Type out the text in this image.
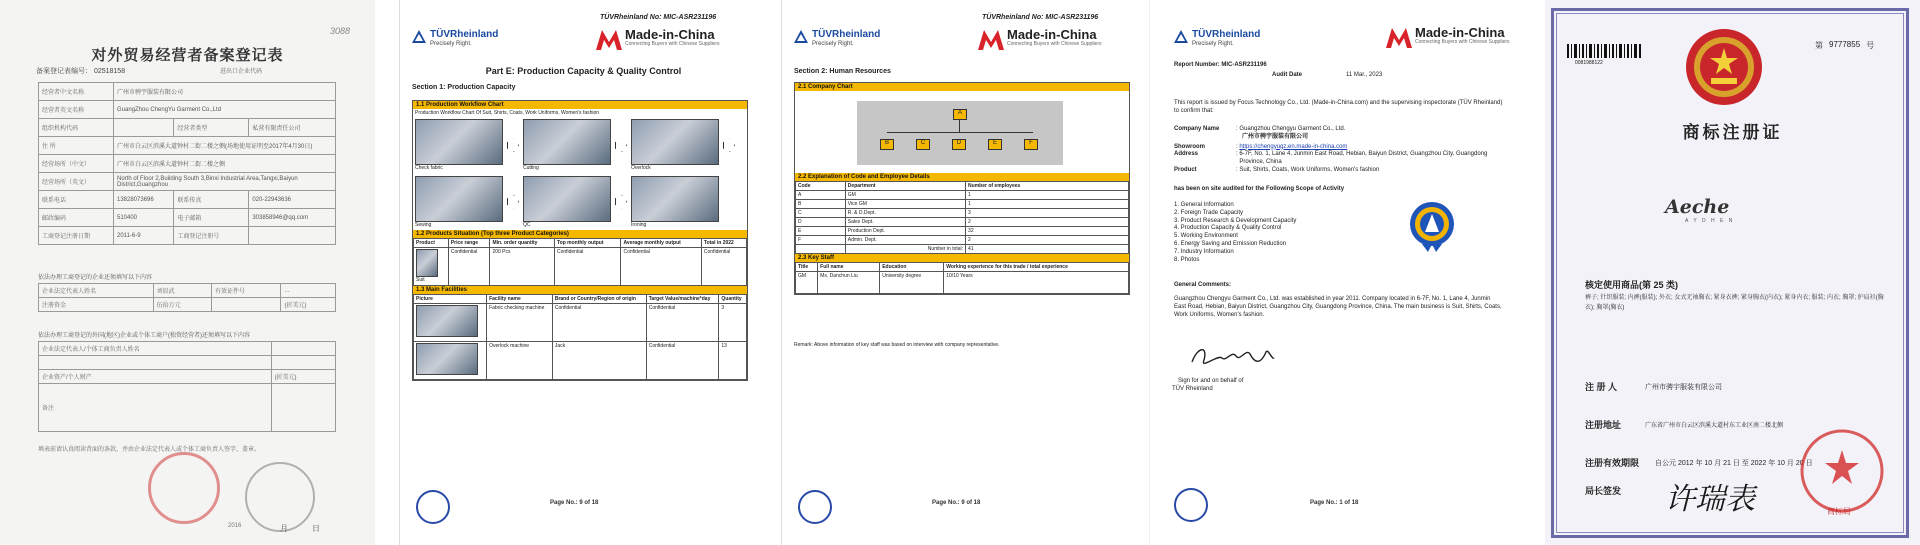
3088
对外贸易经营者备案登记表
备案登记表编号： 02518158	进出口企业代码
经营者中文名称	广州市骋宇服装有限公司		
经营者英文名称	GuangZhou ChengYu Garment Co.,Ltd		
组织机构代码		经营者类型	私营有限责任公司
住 所	广州市白云区滨溪大道钟村二街二楼之侧(场地使用证明至2017年4月30日)		
经营场所（中文）	广州市白云区滨溪大道钟村二街二楼之侧		
经营场所（英文）	North of Floor 2,Building South 3,Binxi Industrial Area,Tangxi,Baiyun District,Guangzhou		
联系电话	13828073696	联系传真	020-22943636
邮政编码	510400	电子邮箱	303858946@qq.com
工商登记注册日期	2011-6-9	工商登记注册号	
依法办理工商登记的企业还须填写以下内容
企业法定代表人姓名	刘辰武	有效证件号	...
注册资金	伍拾万元		(折美元)
依法办理工商登记的外国(地区)企业或个体工商户(独资经营者)还须填写以下内容
企业法定代表人/个体工商负责人姓名	

企业资产/个人财产	(折美元)
备注	
填表前请认真阅读背面的条款，并由企业法定代表人或个体工商负责人签字、盖章。
2016	月	日
TÜVRheinland No: MIC-ASR231196
TÜVRheinland
Precisely Right.
Made-in-China
Connecting Buyers with Chinese Suppliers
Part E: Production Capacity & Quality Control
Section 1: Production Capacity
1.1 Production Workflow Chart
Production Workflow Chart Of Suit, Shirts, Coats, Work Uniforms, Women's fashion
Check fabric	Cutting	Overlock
Sewing	QC	Ironing
1.2 Products Situation (Top three Product Categories)
Product	Price range	Min. order quantity	Top monthly output	Average monthly output	Total in 2022

Suit	Confidential	200 Pcs	Confidential	Confidential	Confidential
1.3 Main Facilities
Picture	Facility name	Brand or Country/Region of origin	Target Value/machine*day	Quantity

	Fabric checking machine	Confidential	Confidential	3

	Overlock machine	Jack	Confidential	13
Page No.: 9 of 18
TÜVRheinland No: MIC-ASR231196
TÜVRheinland
Precisely Right.
Made-in-China
Connecting Buyers with Chinese Suppliers
Section 2: Human Resources
2.1 Company Chart
A
B	C	D	E	F
2.2 Explanation of Code and Employee Details
Code	Department	Number of employees
A	GM	1
B	Vice GM	1
C	R. & D.Dept.	3
D	Sales Dept.	2
E	Production Dept.	32
F	Admin. Dept.	2
	Number in total:	41
2.3 Key Staff
Title	Full name	Education	Working experience for this trade / total experience
GM	Ms. Danchun Liu	University degree	10/10 Years
Remark: Above information of key staff was based on interview with company representative.
Page No.: 9 of 18
TÜVRheinland
Precisely Right.
Made-in-China
Connecting Buyers with Chinese Suppliers
Report Number: MIC-ASR231196
Audit Date	11 Mar., 2023
This report is issued by Focus Technology Co., Ltd. (Made-in-China.com) and the supervising inspectorate (TÜV Rheinland) to confirm that:
Company Name	: Guangzhou Chengyu Garment Co., Ltd.
广州市骋宇服装有限公司
Showroom	: https://chengyugz.en.made-in-china.com
Address	: 6-7F, No. 1, Lane 4, Junmin East Road, Hebian, Baiyun District, Guangzhou City, Guangdong Province, China
Product	: Suit, Shirts, Coats, Work Uniforms, Women's fashion
has been on site audited for the Following Scope of Activity
1. General Information
2. Foreign Trade Capacity
3. Product Research & Development Capacity
4. Production Capacity & Quality Control
5. Working Environment
6. Energy Saving and Emission Reduction
7. Industry Information
8. Photos
General Comments:
Guangzhou Chengyu Garment Co., Ltd. was established in year 2011. Company located in 6-7F, No. 1, Lane 4, Junmin East Road, Hebian, Baiyun District, Guangzhou City, Guangdong Province, China. The main business is Suit, Shirts, Coats, Work Uniforms, Women's fashion.
Sign for and on behalf of
TÜV Rheinland
Page No.: 1 of 18
0081988122
第 9777855 号
商标注册证
Aeche
A Y D H E N
核定使用商品(第 25 类)
裤子; 针织服装; 内裤(服装); 外衣; 女式无袖胸衣; 紧身衣裤; 紧身胸衣(内衣); 紧身内衣; 服装; 内衣; 胸罩; 护肩衫(胸衣); 胸罩(胸衣)
注 册 人	广州市骋宇服装有限公司
注册地址	广东省广州市白云区滨溪大道村东工业区南二楼北侧
注册有效期限 自公元 2012 年 10 月 21 日 至 2022 年 10 月 20 日
局长签发 许瑞表	商标局
